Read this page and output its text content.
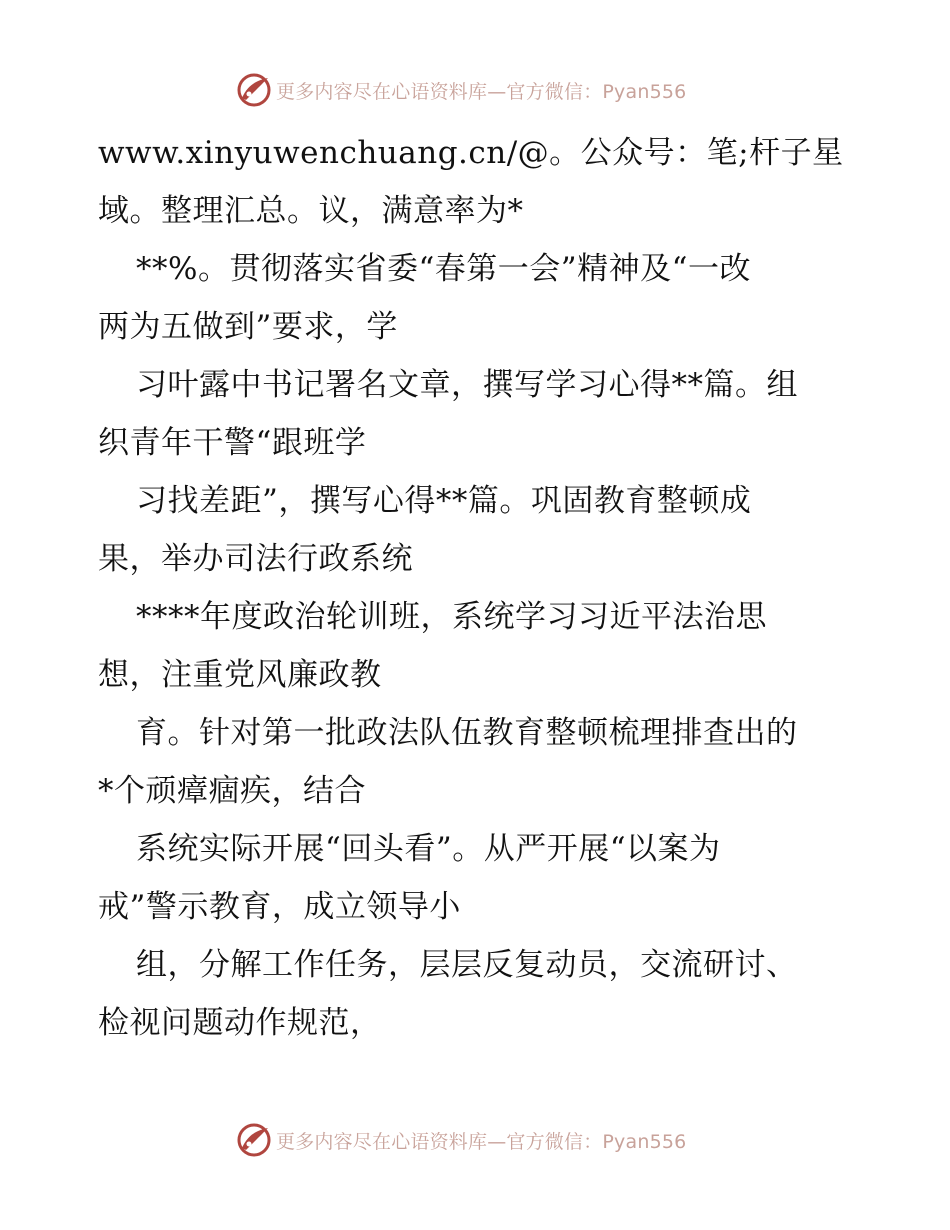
更多内容尽在心语资料库—官方微信：Pyan556
www.xinyuwenchuang.cn/@。公众号：笔;杆子星
域。整理汇总。议，满意率为*
**%。贯彻落实省委“春第一会”精神及“一改
两为五做到”要求，学
习叶露中书记署名文章，撰写学习心得**篇。组
织青年干警“跟班学
习找差距”，撰写心得**篇。巩固教育整顿成
果，举办司法行政系统
****年度政治轮训班，系统学习习近平法治思
想，注重党风廉政教
育。针对第一批政法队伍教育整顿梳理排查出的
*个顽瘴痼疾，结合
系统实际开展“回头看”。从严开展“以案为
戒”警示教育，成立领导小
组，分解工作任务，层层反复动员，交流研讨、
检视问题动作规范，
更多内容尽在心语资料库—官方微信：Pyan556
